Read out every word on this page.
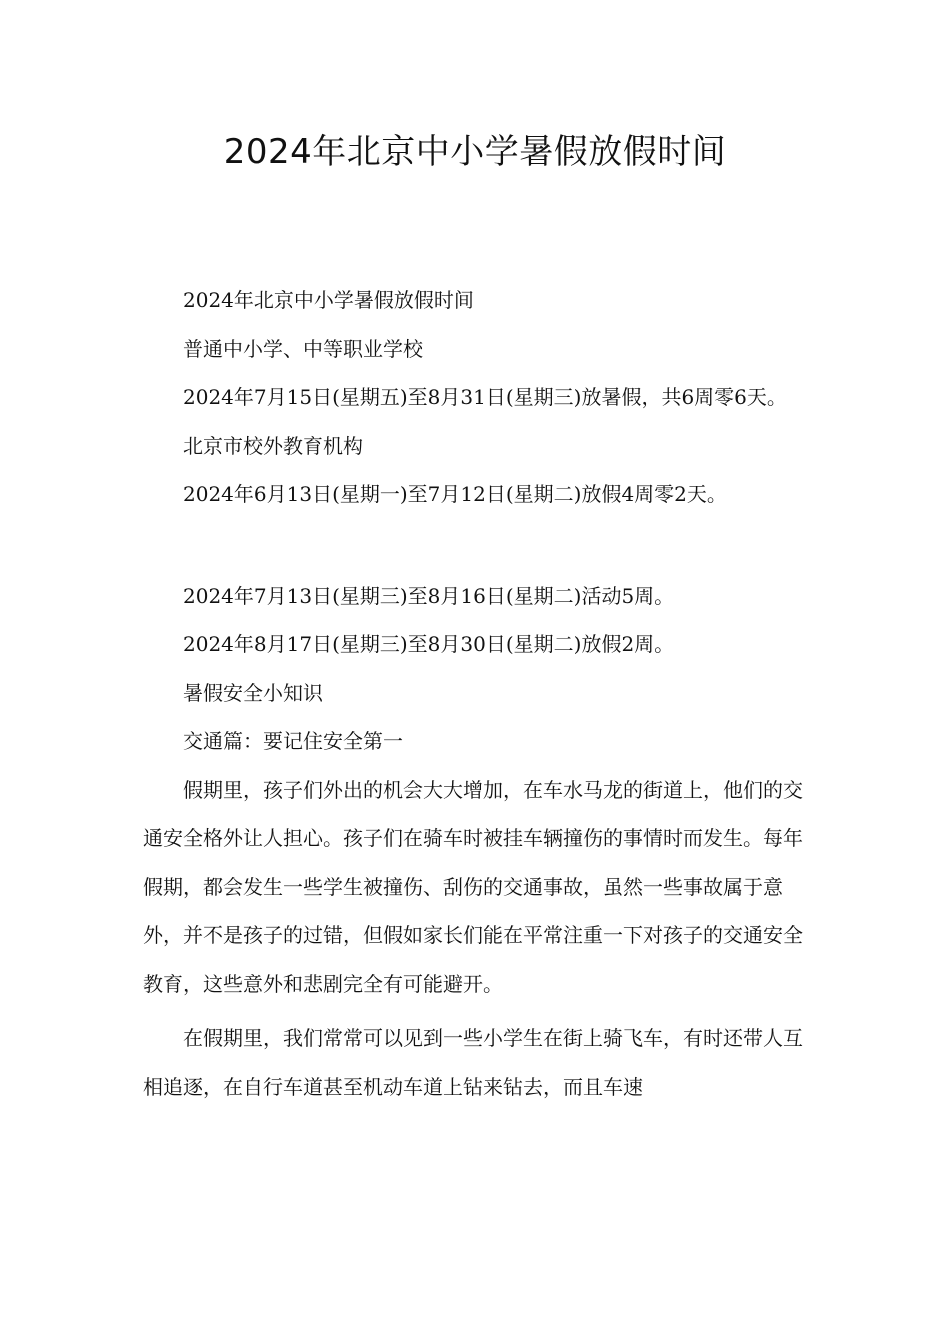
2024年北京中小学暑假放假时间

2024年北京中小学暑假放假时间

普通中小学、中等职业学校

2024年7月15日(星期五)至8月31日(星期三)放暑假，共6周零6天。

北京市校外教育机构

2024年6月13日(星期一)至7月12日(星期二)放假4周零2天。

2024年7月13日(星期三)至8月16日(星期二)活动5周。

2024年8月17日(星期三)至8月30日(星期二)放假2周。

暑假安全小知识

交通篇：要记住安全第一

假期里，孩子们外出的机会大大增加，在车水马龙的街道上，他们的交通安全格外让人担心。孩子们在骑车时被挂车辆撞伤的事情时而发生。每年假期，都会发生一些学生被撞伤、刮伤的交通事故，虽然一些事故属于意外，并不是孩子的过错，但假如家长们能在平常注重一下对孩子的交通安全教育，这些意外和悲剧完全有可能避开。

在假期里，我们常常可以见到一些小学生在街上骑飞车，有时还带人互相追逐，在自行车道甚至机动车道上钻来钻去，而且车速
